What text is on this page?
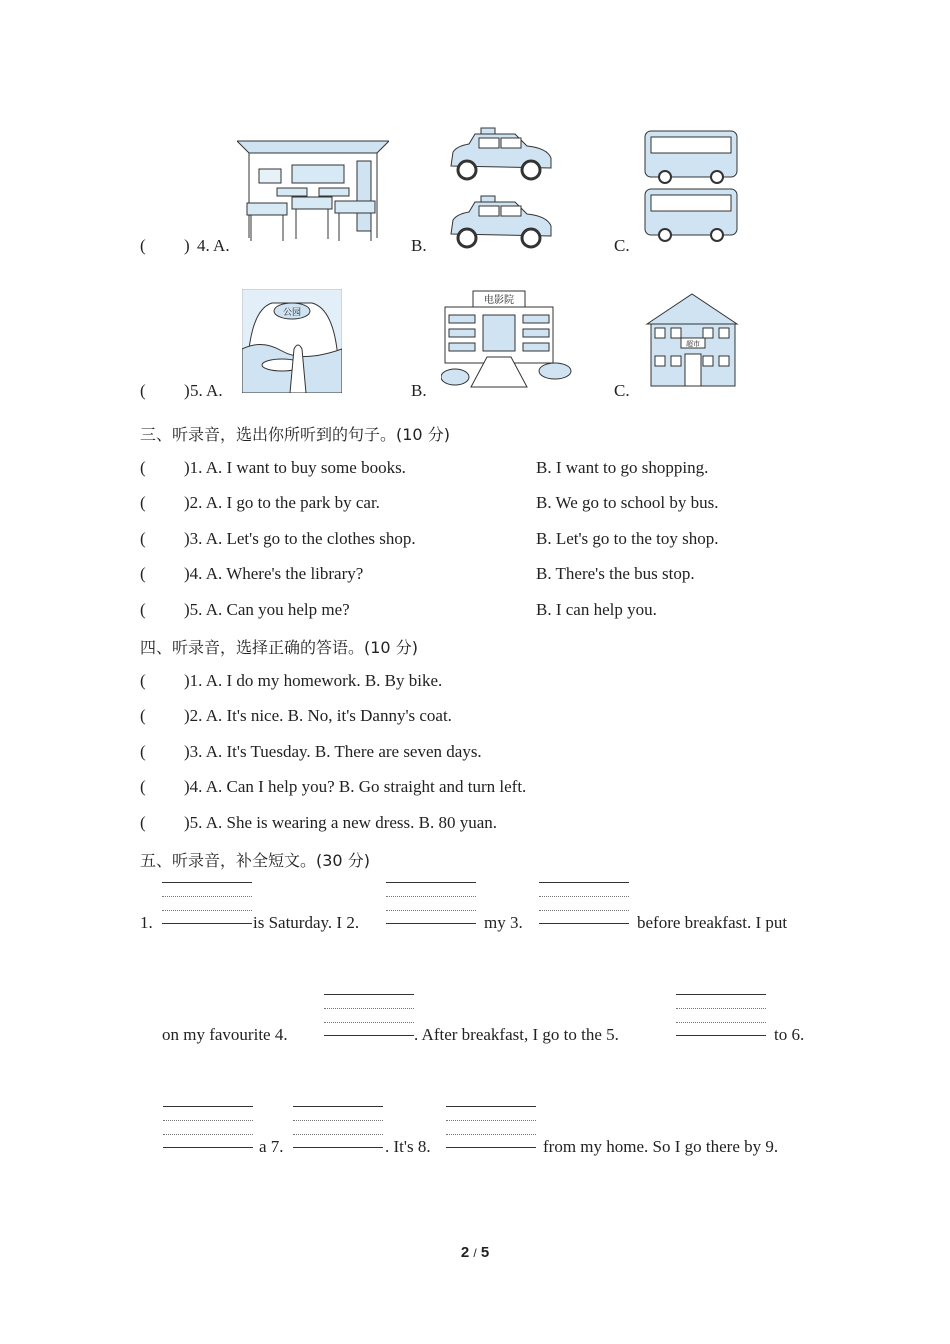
( ) 4. A.	B.	C.
( ) 5. A.
公园
B.
电影院
C.
超市
三、听录音，选出你所听到的句子。(10 分)
( )1. A. I want to buy some books.	B. I want to go shopping.
( )2. A. I go to the park by car.	B. We go to school by bus.
( )3. A. Let's go to the clothes shop.	B. Let's go to the toy shop.
( )4. A. Where's the library?	B. There's the bus stop.
( )5. A. Can you help me?	B. I can help you.
四、听录音，选择正确的答语。(10 分)
( )1. A. I do my homework. B. By bike.
( )2. A. It's nice. B. No, it's Danny's coat.
( )3. A. It's Tuesday. B. There are seven days.
( )4. A. Can I help you? B. Go straight and turn left.
( )5. A. She is wearing a new dress. B. 80 yuan.
五、听录音，补全短文。(30 分)
1.	is Saturday. I 2.	my 3.	before breakfast. I put
on my favourite 4.	. After breakfast, I go to the 5.	to 6.
a 7.	. It's 8.	from my home. So I go there by 9.
2 / 5
